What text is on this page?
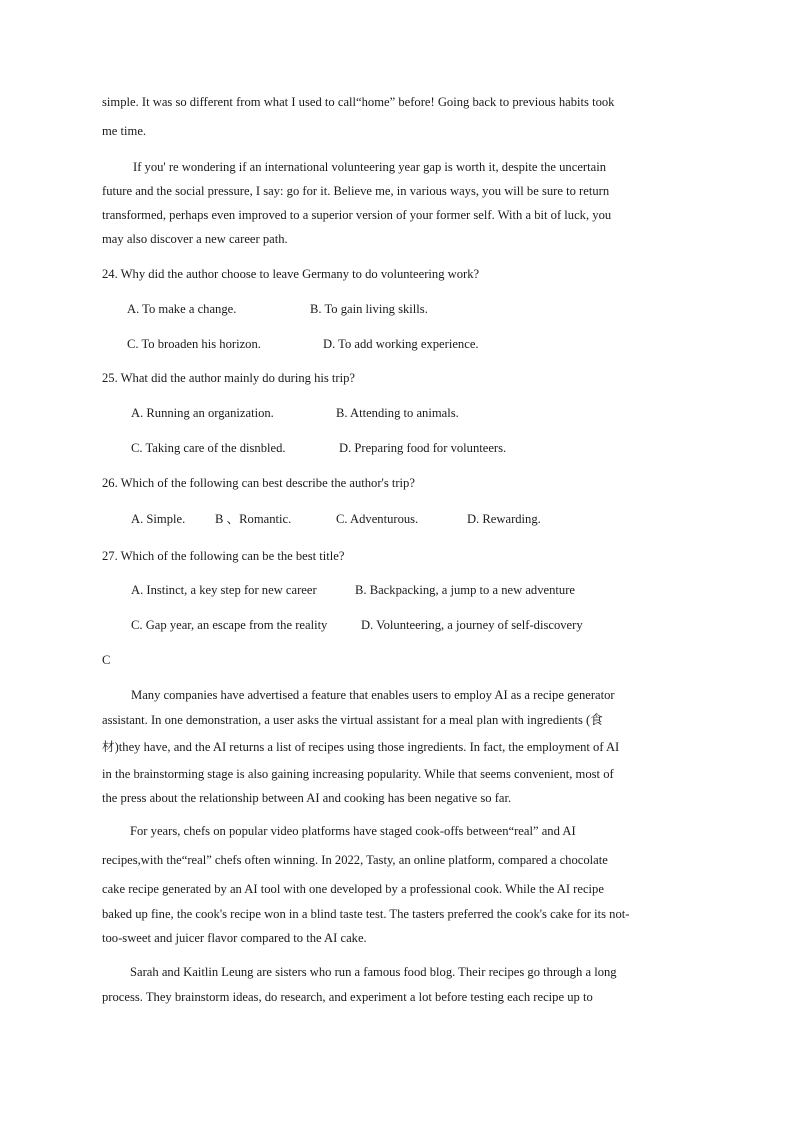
simple. It was so different from what I used to call“home” before! Going back to previous habits took
me time.
If you' re wondering if an international volunteering year gap is worth it, despite the uncertain
future and the social pressure, I say: go for it. Believe me, in various ways, you will be sure to return
transformed, perhaps even improved to a superior version of your former self. With a bit of luck, you
may also discover a new career path.
24. Why did the author choose to leave Germany to do volunteering work?
A. To make a change.	B. To gain living skills.
C. To broaden his horizon.	D. To add working experience.
25. What did the author mainly do during his trip?
A. Running an organization.	B. Attending to animals.
C. Taking care of the disnbled.	D. Preparing food for volunteers.
26. Which of the following can best describe the author's trip?
A. Simple. B 、Romantic.	C. Adventurous.	D. Rewarding.
27. Which of the following can be the best title?
A. Instinct, a key step for new career	B. Backpacking, a jump to a new adventure
C. Gap year, an escape from the reality	D. Volunteering, a journey of self-discovery
C
Many companies have advertised a feature that enables users to employ AI as a recipe generator
assistant. In one demonstration, a user asks the virtual assistant for a meal plan with ingredients (食
材)they have, and the AI returns a list of recipes using those ingredients. In fact, the employment of AI
in the brainstorming stage is also gaining increasing popularity. While that seems convenient, most of
the press about the relationship between AI and cooking has been negative so far.
For years, chefs on popular video platforms have staged cook-offs between“real” and AI
recipes,with the“real” chefs often winning. In 2022, Tasty, an online platform, compared a chocolate
cake recipe generated by an AI tool with one developed by a professional cook. While the AI recipe
baked up fine, the cook's recipe won in a blind taste test. The tasters preferred the cook's cake for its not-
too-sweet and juicer flavor compared to the AI cake.
Sarah and Kaitlin Leung are sisters who run a famous food blog. Their recipes go through a long
process. They brainstorm ideas, do research, and experiment a lot before testing each recipe up to
